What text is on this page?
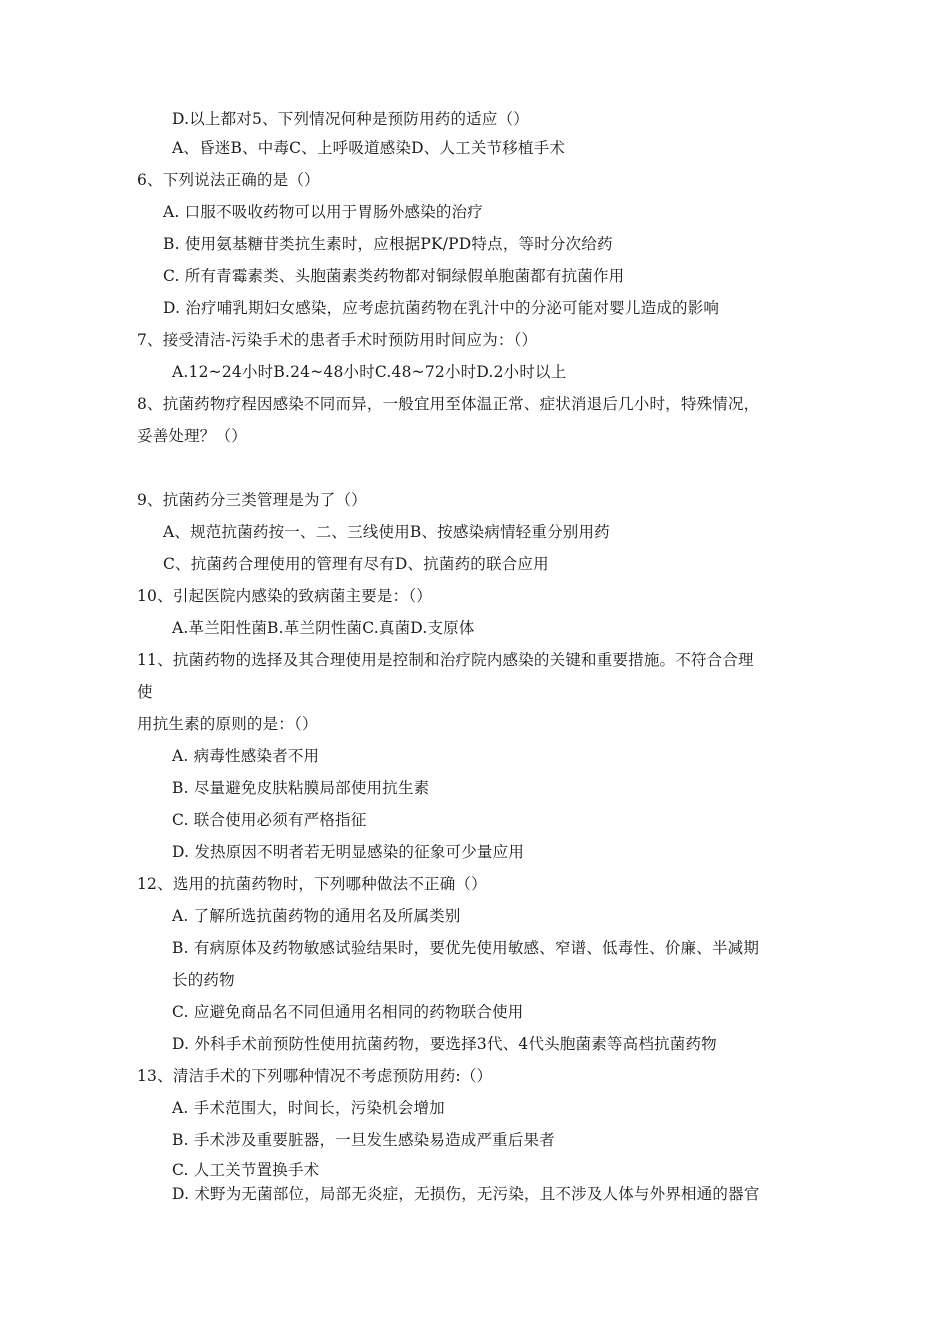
D.以上都对5、下列情况何种是预防用药的适应（）
A、昏迷B、中毒C、上呼吸道感染D、人工关节移植手术
6、下列说法正确的是（）
A. 口服不吸收药物可以用于胃肠外感染的治疗
B. 使用氨基糖苷类抗生素时，应根据PK/PD特点，等时分次给药
C. 所有青霉素类、头胞菌素类药物都对铜绿假单胞菌都有抗菌作用
D. 治疗哺乳期妇女感染，应考虑抗菌药物在乳汁中的分泌可能对婴儿造成的影响
7、接受清洁-污染手术的患者手术时预防用时间应为：（）
A.12~24小时B.24~48小时C.48~72小时D.2小时以上
8、抗菌药物疗程因感染不同而异，一般宜用至体温正常、症状消退后几小时，特殊情况，
妥善处理？（）
9、抗菌药分三类管理是为了（）
A、规范抗菌药按一、二、三线使用B、按感染病情轻重分别用药
C、抗菌药合理使用的管理有尽有D、抗菌药的联合应用
10、引起医院内感染的致病菌主要是：（）
A.革兰阳性菌B.革兰阴性菌C.真菌D.支原体
11、抗菌药物的选择及其合理使用是控制和治疗院内感染的关键和重要措施。不符合合理
使
用抗生素的原则的是：（）
A. 病毒性感染者不用
B. 尽量避免皮肤粘膜局部使用抗生素
C. 联合使用必须有严格指征
D. 发热原因不明者若无明显感染的征象可少量应用
12、选用的抗菌药物时，下列哪种做法不正确（）
A. 了解所选抗菌药物的通用名及所属类别
B. 有病原体及药物敏感试验结果时，要优先使用敏感、窄谱、低毒性、价廉、半减期
长的药物
C. 应避免商品名不同但通用名相同的药物联合使用
D. 外科手术前预防性使用抗菌药物，要选择3代、4代头胞菌素等高档抗菌药物
13、清洁手术的下列哪种情况不考虑预防用药:（）
A. 手术范围大，时间长，污染机会增加
B. 手术涉及重要脏器，一旦发生感染易造成严重后果者
C. 人工关节置换手术
D. 术野为无菌部位，局部无炎症，无损伤，无污染，且不涉及人体与外界相通的器官
